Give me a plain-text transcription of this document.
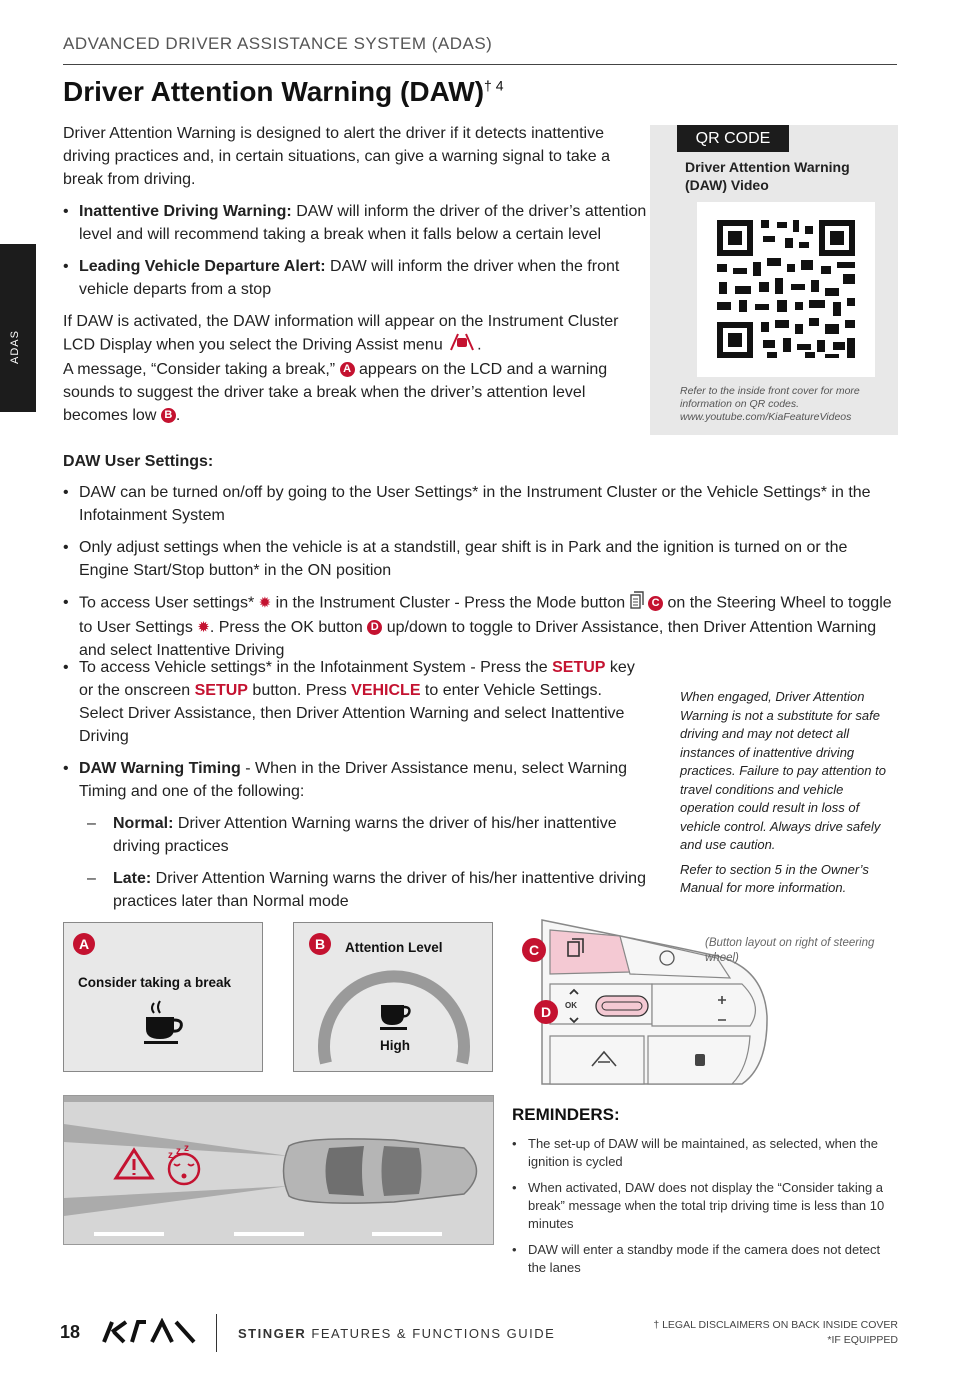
ADVANCED DRIVER ASSISTANCE SYSTEM (ADAS)
ADAS
Driver Attention Warning (DAW)$^{\dagger 4}$

Driver Attention Warning is designed to alert the driver if it detects inattentive driving practices and, in certain situations, can give a warning signal to take a break from driving.

• Inattentive Driving Warning: DAW will inform the driver of the driver’s attention level and will recommend taking a break when it falls below a certain level
• Leading Vehicle Departure Alert: DAW will inform the driver when the front vehicle departs from a stop

If DAW is activated, the DAW information will appear on the Instrument Cluster LCD Display when you select the Driving Assist menu .
A message, “Consider taking a break,” A appears on the LCD and a warning sounds to suggest the driver take a break when the driver’s attention level becomes low B .

QR CODE
Driver Attention Warning (DAW) Video
Refer to the inside front cover for more information on QR codes.
www.youtube.com/KiaFeatureVideos

DAW User Settings:

• DAW can be turned on/off by going to the User Settings* in the Instrument Cluster or the Vehicle Settings* in the Infotainment System
• Only adjust settings when the vehicle is at a standstill, gear shift is in Park and the ignition is turned on or the Engine Start/Stop button* in the ON position
• To access User settings* ✹ in the Instrument Cluster - Press the Mode button  C on the Steering Wheel to toggle to User Settings ✹. Press the OK button D up/down to toggle to Driver Assistance, then Driver Attention Warning and select Inattentive Driving
• To access Vehicle settings* in the Infotainment System - Press the SETUP key or the onscreen SETUP button. Press VEHICLE to enter Vehicle Settings. Select Driver Assistance, then Driver Attention Warning and select Inattentive Driving
• DAW Warning Timing - When in the Driver Assistance menu, select Warning Timing and one of the following:
– Normal: Driver Attention Warning warns the driver of his/her inattentive driving practices
– Late: Driver Attention Warning warns the driver of his/her inattentive driving practices later than Normal mode

When engaged, Driver Attention Warning is not a substitute for safe driving and may not detect all instances of inattentive driving practices. Failure to pay attention to travel conditions and vehicle operation could result in loss of vehicle control. Always drive safely and use caution.

Refer to section 5 in the Owner’s Manual for more information.

A
Consider taking a break
B	Attention Level
High
C
D	OK
(Button layout on right of steering wheel)
z z z
REMINDERS:
• The set-up of DAW will be maintained, as selected, when the ignition is cycled
• When activated, DAW does not display the “Consider taking a break” message when the total trip driving time is less than 10 minutes
• DAW will enter a standby mode if the camera does not detect the lanes
18	STINGER FEATURES & FUNCTIONS GUIDE
† LEGAL DISCLAIMERS ON BACK INSIDE COVER
*IF EQUIPPED
